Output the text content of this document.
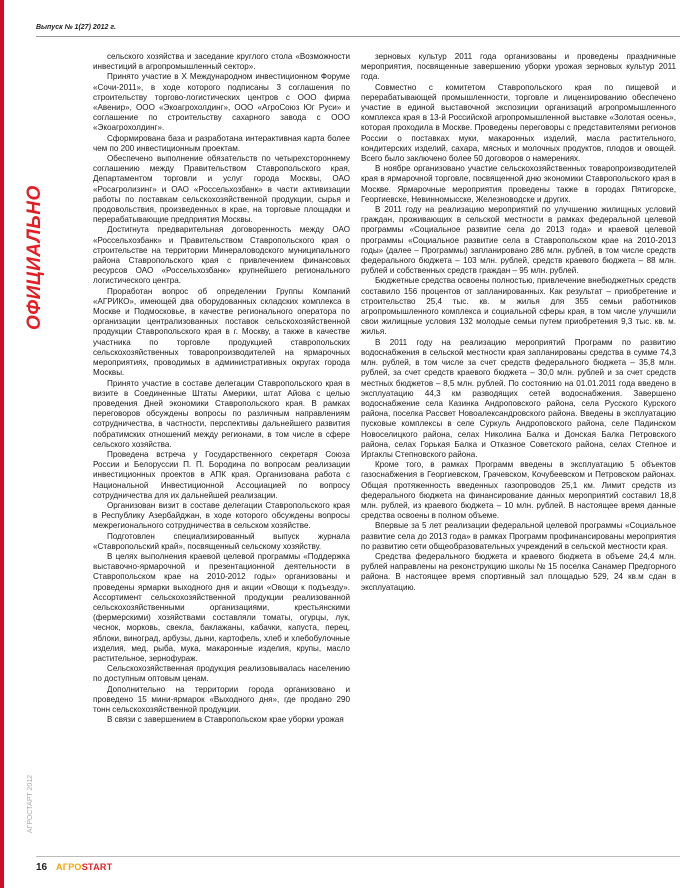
Выпуск № 1(27) 2012 г.
ОФИЦИАЛЬНО
АГРОСТАРТ 2012

сельского хозяйства и заседание круглого стола «Возможности инвестиций в агропромышленный сектор».

Принято участие в X Международном инвестиционном Форуме «Сочи-2011», в ходе которого подписаны 3 соглашения по строительству торгово-логистических центров с ООО фирма «Авенир», ООО «Экоагрохолдинг», ООО «АгроСоюз Юг Руси» и соглашение по строительству сахарного завода с ООО «Экоагрохолдинг».

Сформирована база и разработана интерактивная карта более чем по 200 инвестиционным проектам.

Обеспечено выполнение обязательств по четырехстороннему соглашению между Правительством Ставропольского края, Департаментом торговли и услуг города Москвы, ОАО «Росагролизинг» и ОАО «Россельхозбанк» в части активизации работы по поставкам сельскохозяйственной продукции, сырья и продовольствия, произведенных в крае, на торговые площадки и перерабатывающие предприятия Москвы.

Достигнута предварительная договоренность между ОАО «Россельхозбанк» и Правительством Ставропольского края о строительстве на территории Минераловодского муниципального района Ставропольского края с привлечением финансовых ресурсов ОАО «Россельхозбанк» крупнейшего регионального логистического центра.

Проработан вопрос об определении Группы Компаний «АГРИКО», имеющей два оборудованных складских комплекса в Москве и Подмосковье, в качестве регионального оператора по организации централизованных поставок сельскохозяйственной продукции Ставропольского края в г. Москву, а также в качестве участника по торговле продукцией ставропольских сельскохозяйственных товаропроизводителей на ярмарочных мероприятиях, проводимых в административных округах города Москвы.

Принято участие в составе делегации Ставропольского края в визите в Соединенные Штаты Америки, штат Айова с целью проведения Дней экономики Ставропольского края. В рамках переговоров обсуждены вопросы по различным направлениям сотрудничества, в частности, перспективы дальнейшего развития побратимских отношений между регионами, в том числе в сфере сельского хозяйства.

Проведена встреча у Государственного секретаря Союза России и Белоруссии П. П. Бородина по вопросам реализации инвестиционных проектов в АПК края. Организована работа с Национальной Инвестиционной Ассоциацией по вопросу сотрудничества для их дальнейшей реализации.

Организован визит в составе делегации Ставропольского края в Республику Азербайджан, в ходе которого обсуждены вопросы межрегионального сотрудничества в сельском хозяйстве.

Подготовлен специализированный выпуск журнала «Ставропольский край», посвященный сельскому хозяйству.

В целях выполнения краевой целевой программы «Поддержка выставочно-ярмарочной и презентационной деятельности в Ставропольском крае на 2010-2012 годы» организованы и проведены ярмарки выходного дня и акции «Овощи к подъезду». Ассортимент сельскохозяйственной продукции реализованной сельскохозяйственными организациями, крестьянскими (фермерскими) хозяйствами составляли томаты, огурцы, лук, чеснок, морковь, свекла, баклажаны, кабачки, капуста, перец, яблоки, виноград, арбузы, дыни, картофель, хлеб и хлебобулочные изделия, мед, рыба, мука, макаронные изделия, крупы, масло растительное, зернофураж.

Сельскохозяйственная продукция реализовывалась населению по доступным оптовым ценам.

Дополнительно на территории города организовано и проведено 15 мини-ярмарок «Выходного дня», где продано 290 тонн сельскохозяйственной продукции.

В связи с завершением в Ставропольском крае уборки урожая

зерновых культур 2011 года организованы и проведены праздничные мероприятия, посвященные завершению уборки урожая зерновых культур 2011 года.

Совместно с комитетом Ставропольского края по пищевой и перерабатывающей промышленности, торговле и лицензированию обеспечено участие в единой выставочной экспозиции организаций агропромышленного комплекса края в 13-й Российской агропромышленной выставке «Золотая осень», которая проходила в Москве. Проведены переговоры с представителями регионов России о поставках муки, макаронных изделий, масла растительного, кондитерских изделий, сахара, мясных и молочных продуктов, плодов и овощей. Всего было заключено более 50 договоров о намерениях.

В ноябре организовано участие сельскохозяйственных товаропроизводителей края в ярмарочной торговле, посвященной дню экономики Ставропольского края в Москве. Ярмарочные мероприятия проведены также в городах Пятигорске, Георгиевске, Невинномысске, Железноводске и других.

В 2011 году на реализацию мероприятий по улучшению жилищных условий граждан, проживающих в сельской местности в рамках федеральной целевой программы «Социальное развитие села до 2013 года» и краевой целевой программы «Социальное развитие села в Ставропольском крае на 2010-2013 годы» (далее – Программы) запланировано 286 млн. рублей, в том числе средств федерального бюджета – 103 млн. рублей, средств краевого бюджета – 88 млн. рублей и собственных средств граждан – 95 млн. рублей.

Бюджетные средства освоены полностью, привлечение внебюджетных средств составило 156 процентов от запланированных. Как результат – приобретение и строительство 25,4 тыс. кв. м жилья для 355 семьи работников агропромышленного комплекса и социальной сферы края, в том числе улучшили свои жилищные условия 132 молодые семьи путем приобретения 9,3 тыс. кв. м. жилья.

В 2011 году на реализацию мероприятий Программ по развитию водоснабжения в сельской местности края запланированы средства в сумме 74,3 млн. рублей, в том числе за счет средств федерального бюджета – 35,8 млн. рублей, за счет средств краевого бюджета – 30,0 млн. рублей и за счет средств местных бюджетов – 8,5 млн. рублей. По состоянию на 01.01.2011 года введено в эксплуатацию 44,3 км разводящих сетей водоснабжения. Завершено водоснабжение села Казинка Андроповского района, села Русского Курского района, поселка Рассвет Новоалександровского района. Введены в эксплуатацию пусковые комплексы в селе Суркуль Андроповского района, селе Падинском Новоселицкого района, селах Николина Балка и Донская Балка Петровского района, селах Горькая Балка и Отказное Советского района, селах Степное и Иргаклы Степновского района.

Кроме того, в рамках Программ введены в эксплуатацию 5 объектов газоснабжения в Георгиевском, Грачевском, Кочубеевском и Петровском районах. Общая протяженность введенных газопроводов 25,1 км. Лимит средств из федерального бюджета на финансирование данных мероприятий составил 18,8 млн. рублей, из краевого бюджета – 10 млн. рублей. В настоящее время данные средства освоены в полном объеме.

Впервые за 5 лет реализации федеральной целевой программы «Социальное развитие села до 2013 года» в рамках Программ профинансированы мероприятия по развитию сети общеобразовательных учреждений в сельской местности края.

Средства федерального бюджета и краевого бюджета в объеме 24,4 млн. рублей направлены на реконструкцию школы № 15 поселка Санамер Предгорного района. В настоящее время спортивный зал площадью 529, 24 кв.м сдан в эксплуатацию.

16 АГРОSTART
